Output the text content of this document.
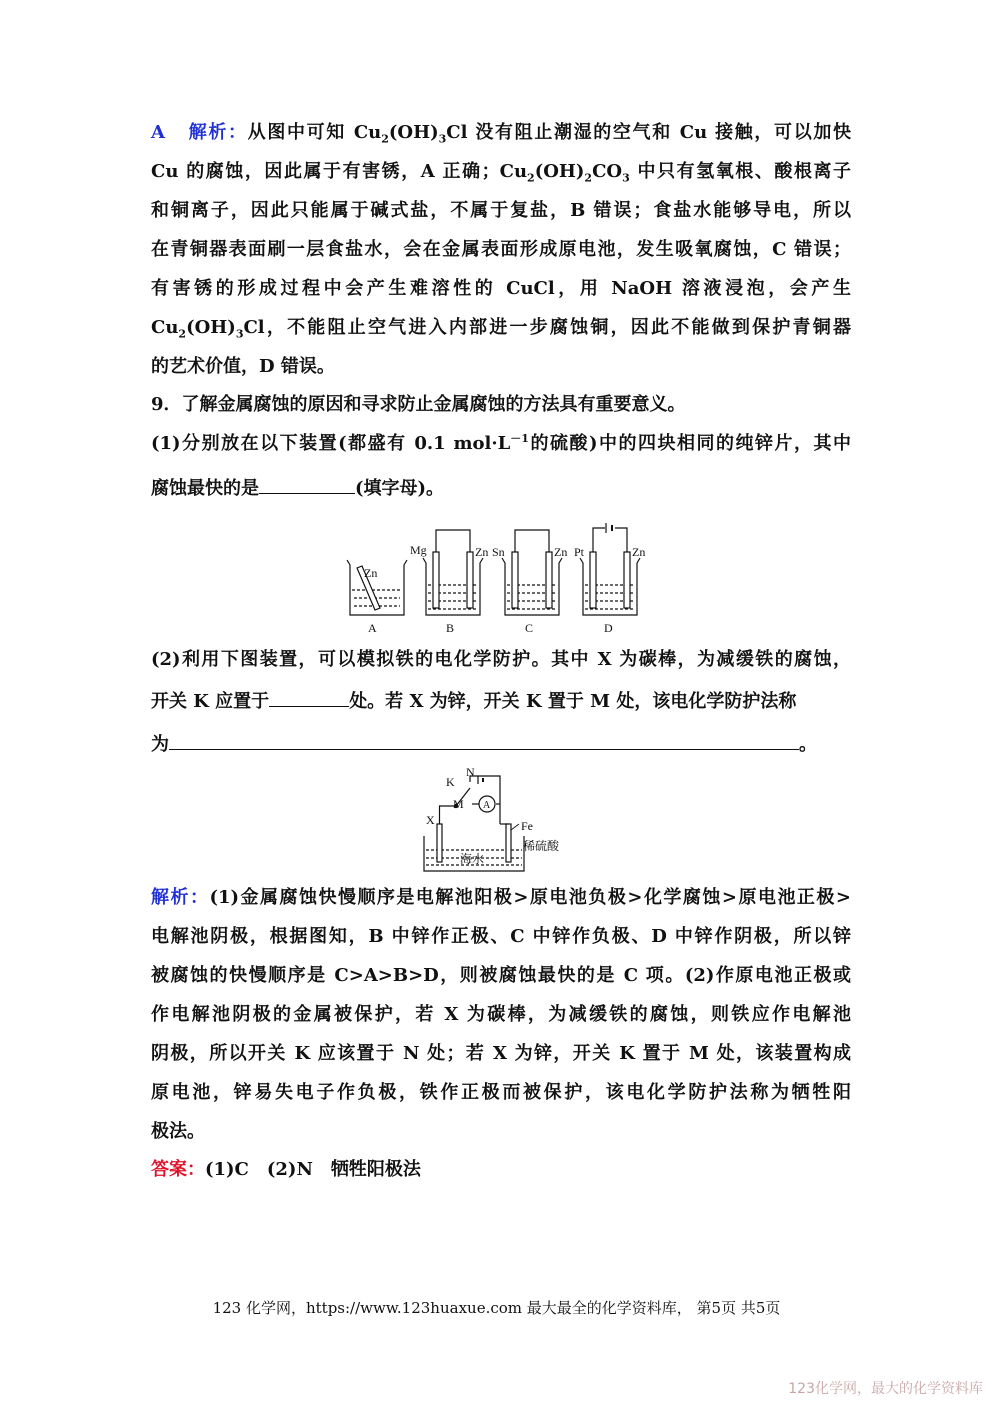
A 解析：从图中可知 $Cu_2(OH)_3Cl$ 没有阻止潮湿的空气和 Cu 接触，可以加快
Cu 的腐蚀，因此属于有害锈，A 正确；$Cu_2(OH)_2CO_3$ 中只有氢氧根、酸根离子
和铜离子，因此只能属于碱式盐，不属于复盐，B 错误；食盐水能够导电，所以
在青铜器表面刷一层食盐水，会在金属表面形成原电池，发生吸氧腐蚀，C 错误；
有害锈的形成过程中会产生难溶性的 CuCl，用 NaOH 溶液浸泡，会产生
$Cu_2(OH)_3Cl$，不能阻止空气进入内部进一步腐蚀铜，因此不能做到保护青铜器
的艺术价值，D 错误。
9．了解金属腐蚀的原因和寻求防止金属腐蚀的方法具有重要意义。
(1)分别放在以下装置(都盛有 0.1 $mol\cdot L^{-1}$的硫酸)中的四块相同的纯锌片，其中
腐蚀最快的是	(填字母)。
Zn
Mg	Zn Sn	Zn Pt	Zn
A	B	C	D
(2)利用下图装置，可以模拟铁的电化学防护。其中 X 为碳棒，为减缓铁的腐蚀，
开关 K 应置于	处。若 X 为锌，开关 K 置于 M 处，该电化学防护法称
为	。
K
N
M A
X	Fe
稀硫酸
海水
解析：(1)金属腐蚀快慢顺序是电解池阳极>原电池负极>化学腐蚀>原电池正极>
电解池阴极，根据图知，B 中锌作正极、C 中锌作负极、D 中锌作阴极，所以锌
被腐蚀的快慢顺序是 C>A>B>D，则被腐蚀最快的是 C 项。(2)作原电池正极或
作电解池阴极的金属被保护，若 X 为碳棒，为减缓铁的腐蚀，则铁应作电解池
阴极，所以开关 K 应该置于 N 处；若 X 为锌，开关 K 置于 M 处，该装置构成
原电池，锌易失电子作负极，铁作正极而被保护，该电化学防护法称为牺牲阳
极法。
答案：(1)C　(2)N　牺牲阳极法
123 化学网，https://www.123huaxue.com 最大最全的化学资料库， 第5页 共5页
123化学网，最大的化学资料库
